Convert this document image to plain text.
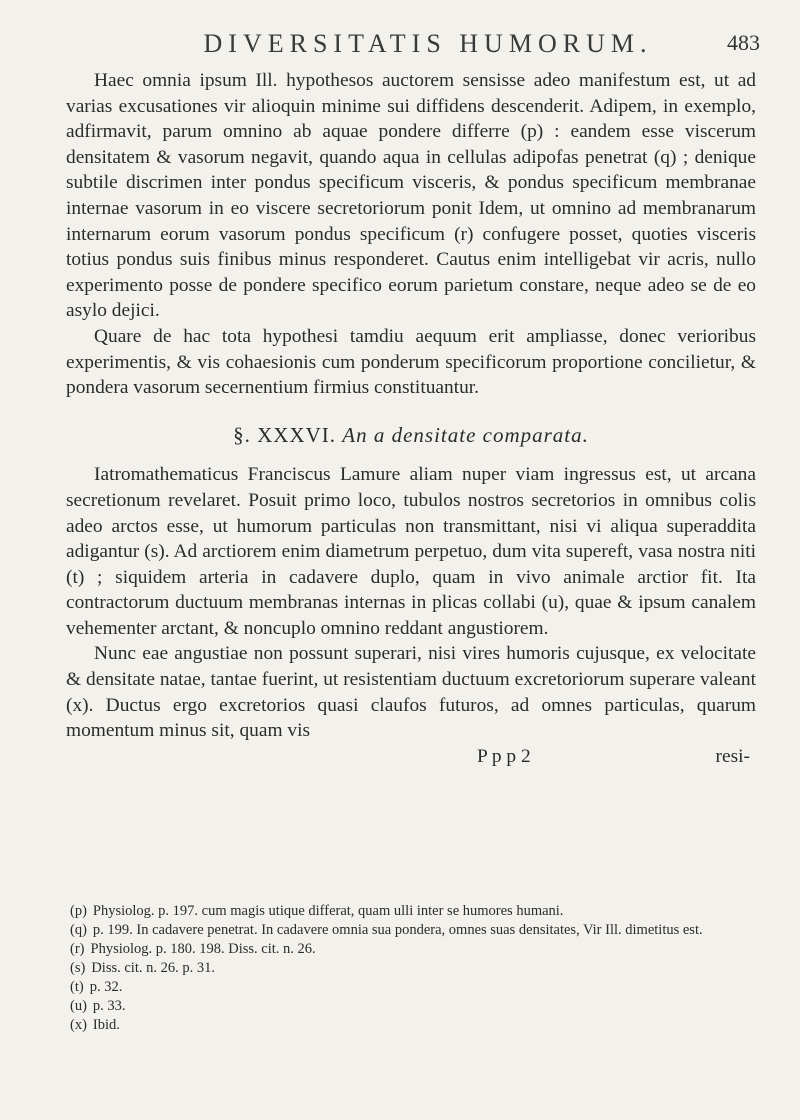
DIVERSITATIS HUMORUM.	483

Haec omnia ipsum Ill. hypothesos auctorem sensisse adeo manifestum est, ut ad varias excusationes vir alioquin minime sui diffidens descenderit. Adipem, in exemplo, adfirmavit, parum omnino ab aquae pondere differre (p) : eandem esse viscerum densitatem & vasorum negavit, quando aqua in cellulas adipofas penetrat (q) ; denique subtile discrimen inter pondus specificum visceris, & pondus specificum membranae internae vasorum in eo viscere secretoriorum ponit Idem, ut omnino ad membranarum internarum eorum vasorum pondus specificum (r) confugere posset, quoties visceris totius pondus suis finibus minus responderet. Cautus enim intelligebat vir acris, nullo experimento posse de pondere specifico eorum parietum constare, neque adeo se de eo asylo dejici.

Quare de hac tota hypothesi tamdiu aequum erit ampliasse, donec verioribus experimentis, & vis cohaesionis cum ponderum specificorum proportione concilietur, & pondera vasorum secernentium firmius constituantur.

§. XXXVI. An a densitate comparata.

Iatromathematicus Franciscus Lamure aliam nuper viam ingressus est, ut arcana secretionum revelaret. Posuit primo loco, tubulos nostros secretorios in omnibus colis adeo arctos esse, ut humorum particulas non transmittant, nisi vi aliqua superaddita adigantur (s). Ad arctiorem enim diametrum perpetuo, dum vita supereft, vasa nostra niti (t) ; siquidem arteria in cadavere duplo, quam in vivo animale arctior fit. Ita contractorum ductuum membranas internas in plicas collabi (u), quae & ipsum canalem vehementer arctant, & noncuplo omnino reddant angustiorem.

Nunc eae angustiae non possunt superari, nisi vires humoris cujusque, ex velocitate & densitate natae, tantae fuerint, ut resistentiam ductuum excretoriorum superare valeant (x). Ductus ergo excretorios quasi claufos futuros, ad omnes particulas, quarum momentum minus sit, quam vis

P p p 2	resi-

(p) Physiolog. p. 197. cum magis utique differat, quam ulli inter se humores humani.

(q) p. 199. In cadavere penetrat. In cadavere omnia sua pondera, omnes suas densitates, Vir Ill. dimetitus est.

(r) Physiolog. p. 180. 198. Diss. cit. n. 26.

(s) Diss. cit. n. 26. p. 31.

(t) p. 32.

(u) p. 33.

(x) Ibid.
